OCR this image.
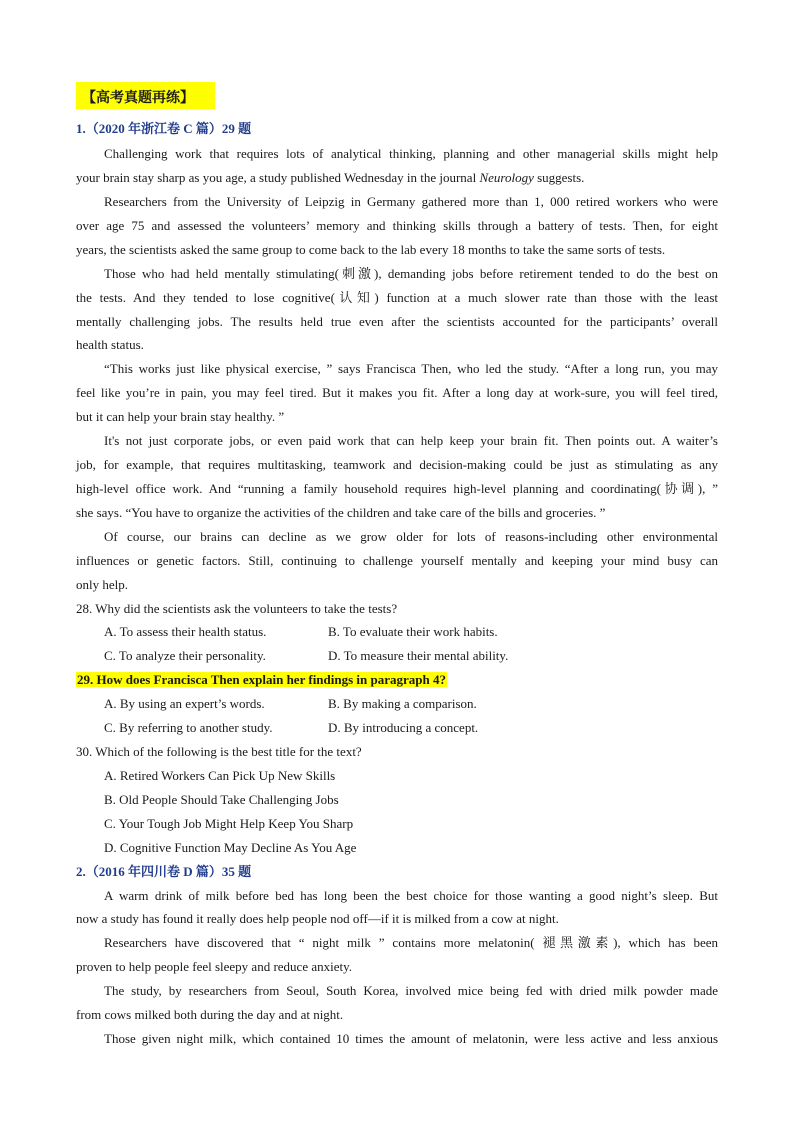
【高考真题再练】
1.（2020 年浙江卷 C 篇）29 题
Challenging work that requires lots of analytical thinking, planning and other managerial skills might help
your brain stay sharp as you age, a study published Wednesday in the journal Neurology suggests.
Researchers from the University of Leipzig in Germany gathered more than 1, 000 retired workers who were
over age 75 and assessed the volunteers’ memory and thinking skills through a battery of tests. Then, for eight
years, the scientists asked the same group to come back to the lab every 18 months to take the same sorts of tests.
Those who had held mentally stimulating(刺激), demanding jobs before retirement tended to do the best on
the tests. And they tended to lose cognitive(认知) function at a much slower rate than those with the least
mentally challenging jobs. The results held true even after the scientists accounted for the participants’ overall
health status.
“This works just like physical exercise, ” says Francisca Then, who led the study. “After a long run, you may
feel like you’re in pain, you may feel tired. But it makes you fit. After a long day at work-sure, you will feel tired,
but it can help your brain stay healthy. ”
It's not just corporate jobs, or even paid work that can help keep your brain fit. Then points out. A waiter’s
job, for example, that requires multitasking, teamwork and decision-making could be just as stimulating as any
high-level office work. And “running a family household requires high-level planning and coordinating(协调), ”
she says. “You have to organize the activities of the children and take care of the bills and groceries. ”
Of course, our brains can decline as we grow older for lots of reasons-including other environmental
influences or genetic factors. Still, continuing to challenge yourself mentally and keeping your mind busy can
only help.
28. Why did the scientists ask the volunteers to take the tests?
A. To assess their health status.	B. To evaluate their work habits.
C. To analyze their personality.	D. To measure their mental ability.
29. How does Francisca Then explain her findings in paragraph 4?
A. By using an expert’s words.	B. By making a comparison.
C. By referring to another study.	D. By introducing a concept.
30. Which of the following is the best title for the text?
A. Retired Workers Can Pick Up New Skills
B. Old People Should Take Challenging Jobs
C. Your Tough Job Might Help Keep You Sharp
D. Cognitive Function May Decline As You Age
2.（2016 年四川卷 D 篇）35 题
A warm drink of milk before bed has long been the best choice for those wanting a good night’s sleep. But
now a study has found it really does help people nod off—if it is milked from a cow at night.
Researchers have discovered that “ night milk ” contains more melatonin( 褪黑激素), which has been
proven to help people feel sleepy and reduce anxiety.
The study, by researchers from Seoul, South Korea, involved mice being fed with dried milk powder made
from cows milked both during the day and at night.
Those given night milk, which contained 10 times the amount of melatonin, were less active and less anxious
